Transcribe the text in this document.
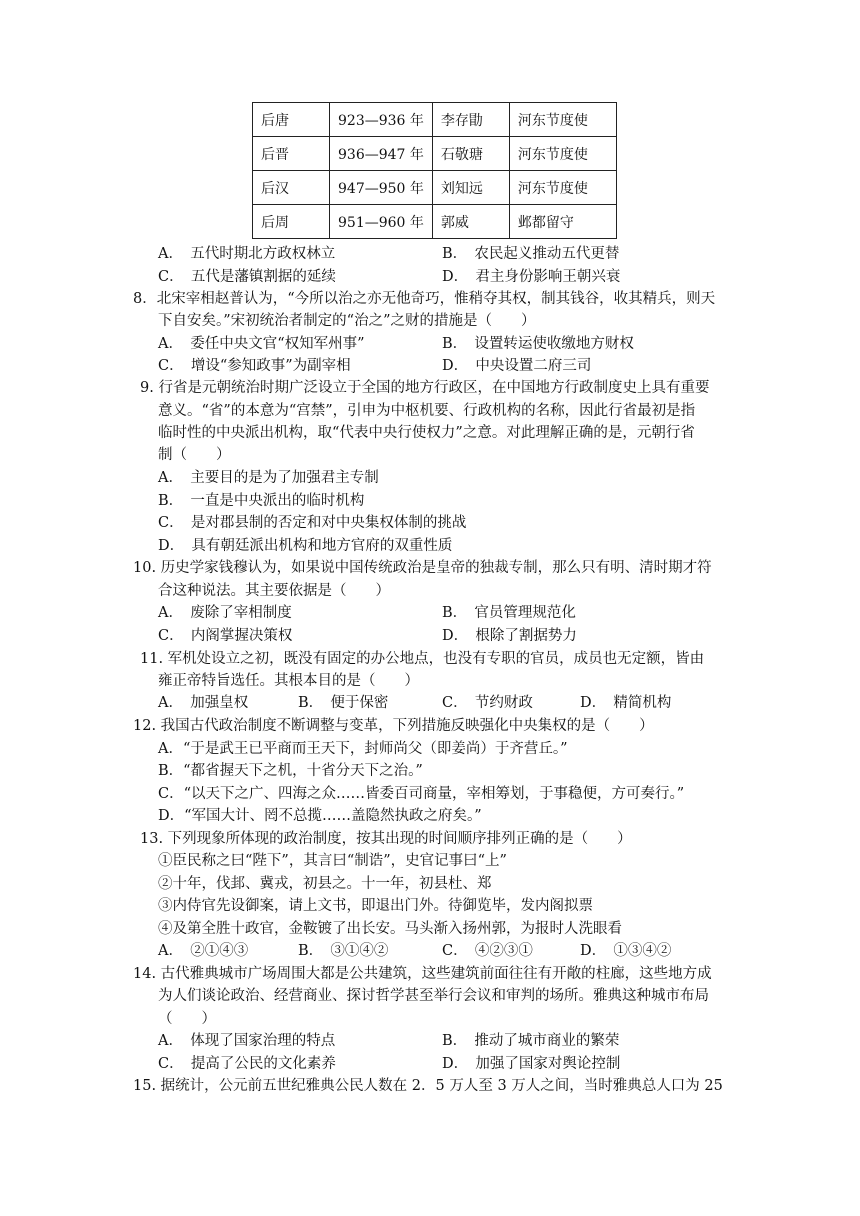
后唐	923—936 年	李存勖	河东节度使
后晋	936—947 年	石敬瑭	河东节度使
后汉	947—950 年	刘知远	河东节度使
后周	951—960 年	郭威	邺都留守
A．　五代时期北方政权林立	B．　农民起义推动五代更替
C．　五代是藩镇割据的延续	D．　君主身份影响王朝兴衰
8．北宋宰相赵普认为，“今所以治之亦无他奇巧，惟稍夺其权，制其钱谷，收其精兵，则天
下自安矣。”宋初统治者制定的“治之”之财的措施是（　　）
A．　委任中央文官“权知军州事”	B．　设置转运使收缴地方财权
C．　增设“参知政事”为副宰相	D．　中央设置二府三司
9. 行省是元朝统治时期广泛设立于全国的地方行政区，在中国地方行政制度史上具有重要
意义。“省”的本意为“宫禁”，引申为中枢机要、行政机构的名称，因此行省最初是指
临时性的中央派出机构，取“代表中央行使权力”之意。对此理解正确的是，元朝行省
制（　　）
A．　主要目的是为了加强君主专制
B．　一直是中央派出的临时机构
C．　是对郡县制的否定和对中央集权体制的挑战
D．　具有朝廷派出机构和地方官府的双重性质
10. 历史学家钱穆认为，如果说中国传统政治是皇帝的独裁专制，那么只有明、清时期才符
合这种说法。其主要依据是（　　）
A．　废除了宰相制度	B．　官员管理规范化
C．　内阁掌握决策权	D．　根除了割据势力
11. 军机处设立之初，既没有固定的办公地点，也没有专职的官员，成员也无定额，皆由
雍正帝特旨选任。其根本目的是（　　）
A．　加强皇权	B．　便于保密	C．　节约财政	D．　精简机构
12. 我国古代政治制度不断调整与变革，下列措施反映强化中央集权的是（　　）
A．“于是武王已平商而王天下，封师尚父（即姜尚）于齐营丘。”
B．“都省握天下之机，十省分天下之治。”
C．“以天下之广、四海之众……皆委百司商量，宰相筹划，于事稳便，方可奏行。”
D．“军国大计、罔不总揽……盖隐然执政之府矣。”
13. 下列现象所体现的政治制度，按其出现的时间顺序排列正确的是（　　）
①臣民称之曰“陛下”，其言曰“制诰”，史官记事曰“上”
②十年，伐邽、冀戎，初县之。十一年，初县杜、郑
③内侍官先设御案，请上文书，即退出门外。待御览毕，发内阁拟票
④及第全胜十政官，金鞍镀了出长安。马头渐入扬州郭，为报时人洗眼看
A．　②①④③	B．　③①④②	C．　④②③①	D．　①③④②
14. 古代雅典城市广场周围大都是公共建筑，这些建筑前面往往有开敞的柱廊，这些地方成
为人们谈论政治、经营商业、探讨哲学甚至举行会议和审判的场所。雅典这种城市布局
（　　）
A．　体现了国家治理的特点	B．　推动了城市商业的繁荣
C．　提高了公民的文化素养	D．　加强了国家对舆论控制
15. 据统计，公元前五世纪雅典公民人数在 2．5 万人至 3 万人之间，当时雅典总人口为 25
